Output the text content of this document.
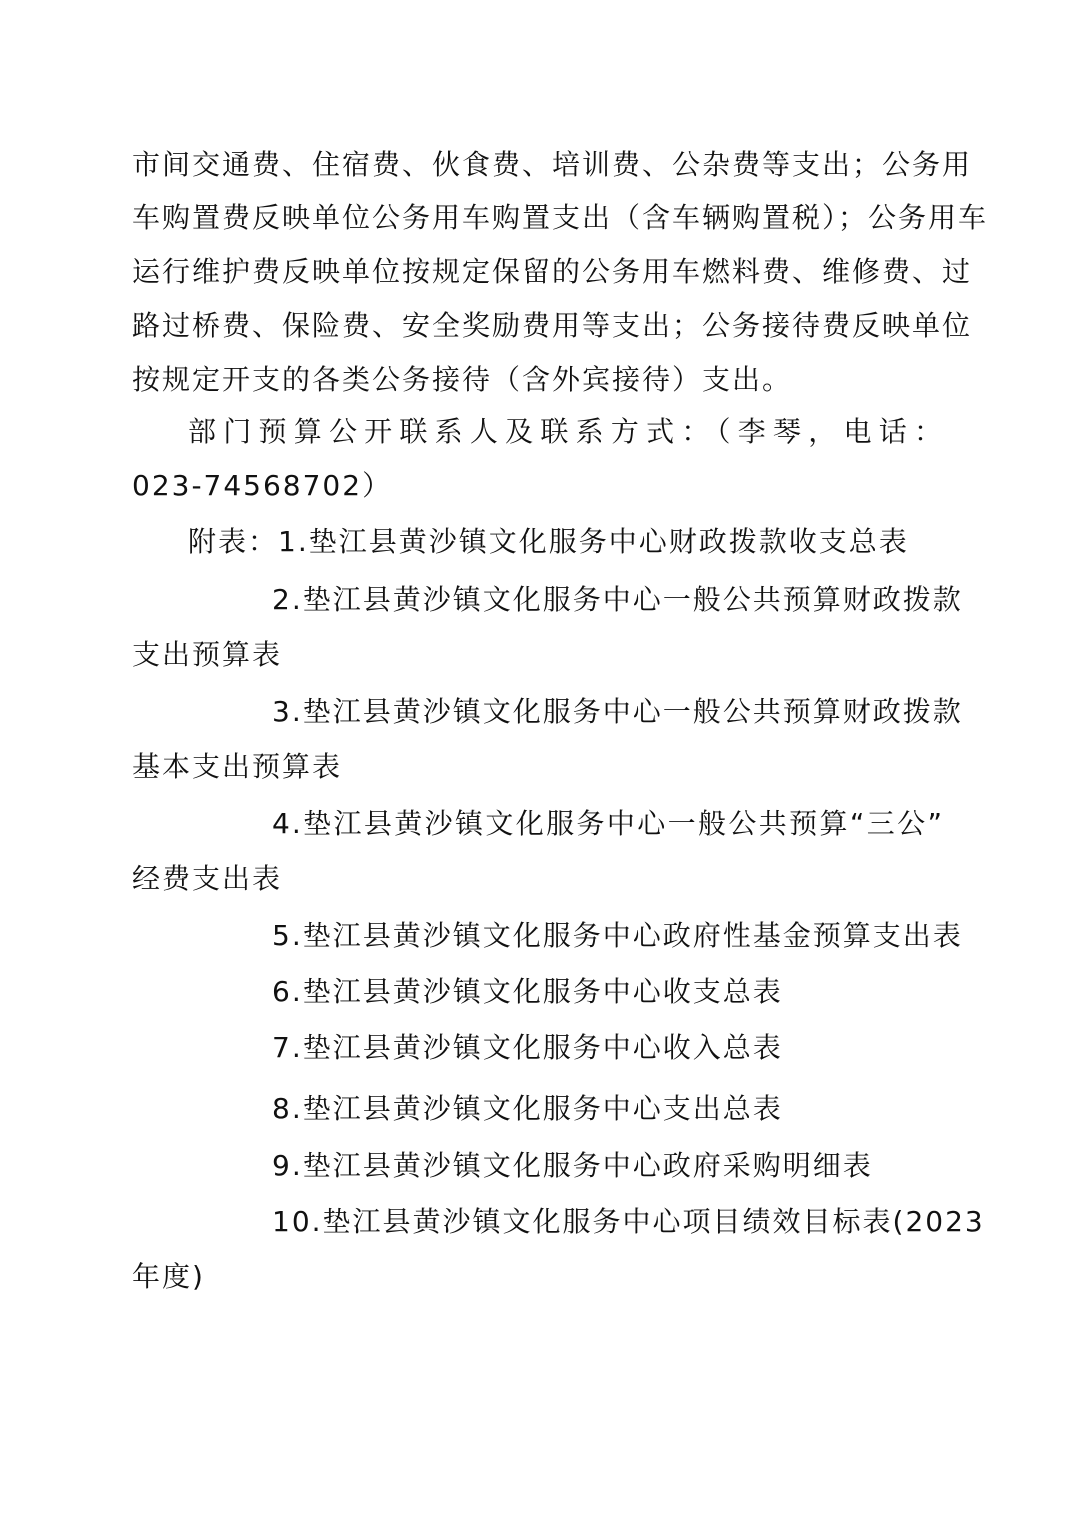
市间交通费、住宿费、伙食费、培训费、公杂费等支出；公务用
车购置费反映单位公务用车购置支出（含车辆购置税）；公务用车
运行维护费反映单位按规定保留的公务用车燃料费、维修费、过
路过桥费、保险费、安全奖励费用等支出；公务接待费反映单位
按规定开支的各类公务接待（含外宾接待）支出。
部门预算公开联系人及联系方式：（李琴，电话：
023-74568702）
附表：1.垫江县黄沙镇文化服务中心财政拨款收支总表
2.垫江县黄沙镇文化服务中心一般公共预算财政拨款
支出预算表
3.垫江县黄沙镇文化服务中心一般公共预算财政拨款
基本支出预算表
4.垫江县黄沙镇文化服务中心一般公共预算“三公”
经费支出表
5.垫江县黄沙镇文化服务中心政府性基金预算支出表
6.垫江县黄沙镇文化服务中心收支总表
7.垫江县黄沙镇文化服务中心收入总表
8.垫江县黄沙镇文化服务中心支出总表
9.垫江县黄沙镇文化服务中心政府采购明细表
10.垫江县黄沙镇文化服务中心项目绩效目标表(2023
年度)
